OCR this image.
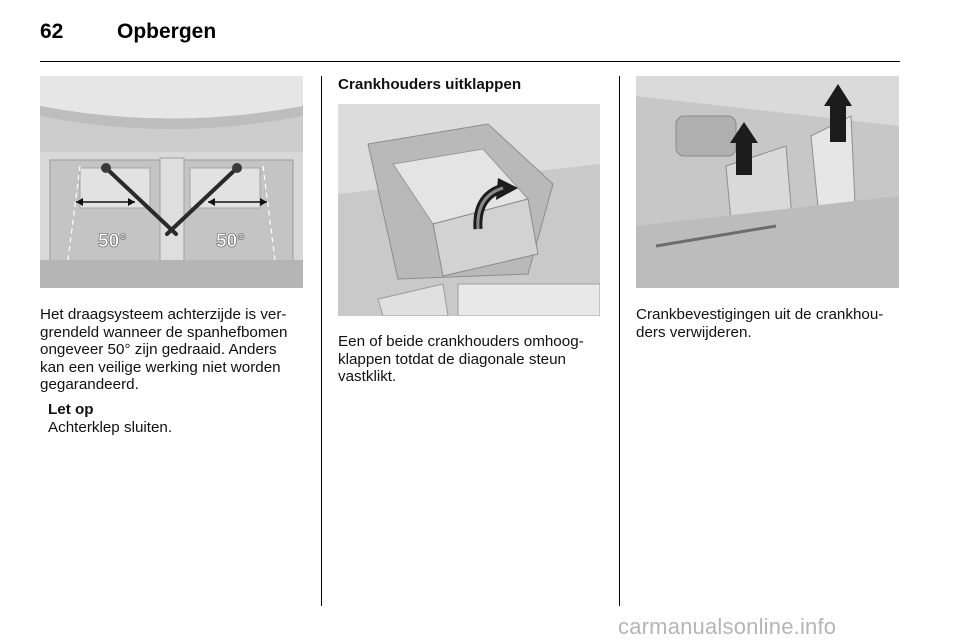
62	Opbergen
50°	50°
Het draagsysteem achterzijde is ver-
grendeld wanneer de spanhefbomen
ongeveer 50° zijn gedraaid. Anders
kan een veilige werking niet worden
gegarandeerd.
Let op
Achterklep sluiten.
Crankhouders uitklappen
Een of beide crankhouders omhoog-
klappen totdat de diagonale steun
vastklikt.
Crankbevestigingen uit de crankhou-
ders verwijderen.
carmanualsonline.info
